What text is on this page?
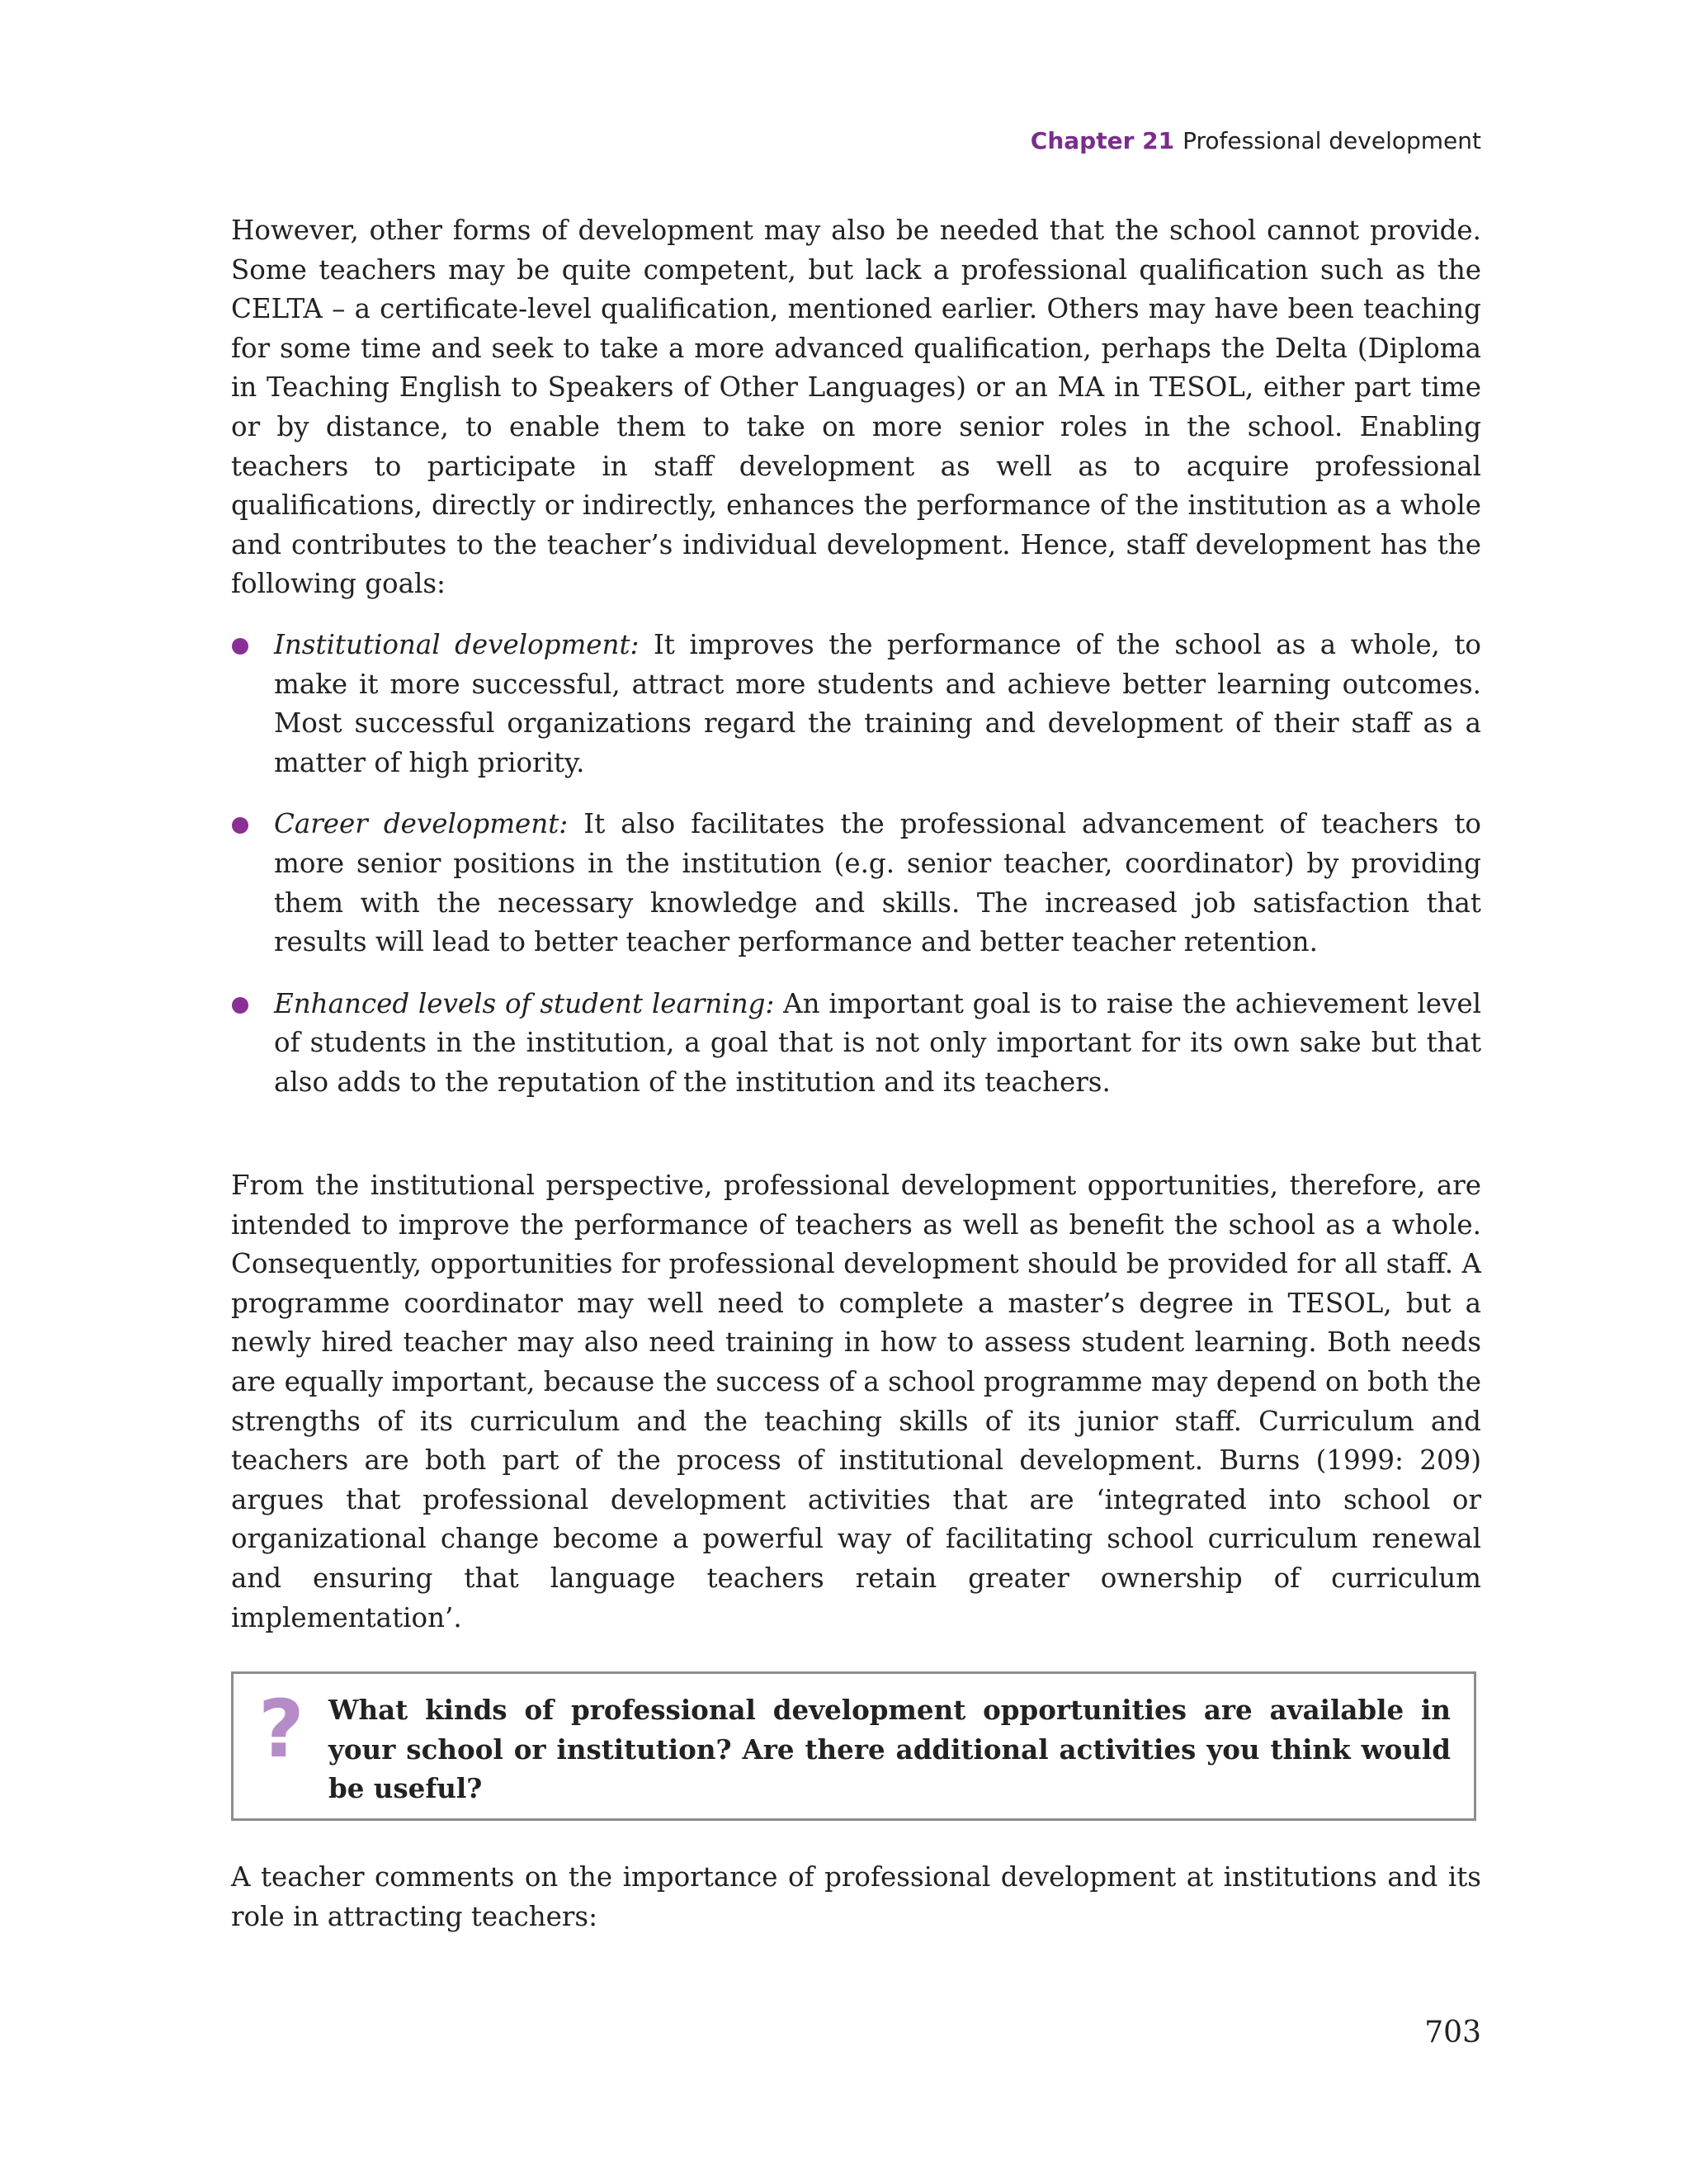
Chapter 21 Professional development

However, other forms of development may also be needed that the school cannot provide. Some teachers may be quite competent, but lack a professional qualification such as the CELTA – a certificate-level qualification, mentioned earlier. Others may have been teaching for some time and seek to take a more advanced qualification, perhaps the Delta (Diploma in Teaching English to Speakers of Other Languages) or an MA in TESOL, either part time or by distance, to enable them to take on more senior roles in the school. Enabling teachers to participate in staff development as well as to acquire professional qualifications, directly or indirectly, enhances the performance of the institution as a whole and contributes to the teacher’s individual development. Hence, staff development has the following goals:

Institutional development: It improves the performance of the school as a whole, to make it more successful, attract more students and achieve better learning outcomes. Most successful organizations regard the training and development of their staff as a matter of high priority.
Career development: It also facilitates the professional advancement of teachers to more senior positions in the institution (e.g. senior teacher, coordinator) by providing them with the necessary knowledge and skills. The increased job satisfaction that results will lead to better teacher performance and better teacher retention.
Enhanced levels of student learning: An important goal is to raise the achievement level of students in the institution, a goal that is not only important for its own sake but that also adds to the reputation of the institution and its teachers.

From the institutional perspective, professional development opportunities, therefore, are intended to improve the performance of teachers as well as benefit the school as a whole. Consequently, opportunities for professional development should be provided for all staff. A programme coordinator may well need to complete a master’s degree in TESOL, but a newly hired teacher may also need training in how to assess student learning. Both needs are equally important, because the success of a school programme may depend on both the strengths of its curriculum and the teaching skills of its junior staff. Curriculum and teachers are both part of the process of institutional development. Burns (1999: 209) argues that professional development activities that are ‘integrated into school or organizational change become a powerful way of facilitating school curriculum renewal and ensuring that language teachers retain greater ownership of curriculum implementation’.

? What kinds of professional development opportunities are available in your school or institution? Are there additional activities you think would be useful?

A teacher comments on the importance of professional development at institutions and its role in attracting teachers:

703
